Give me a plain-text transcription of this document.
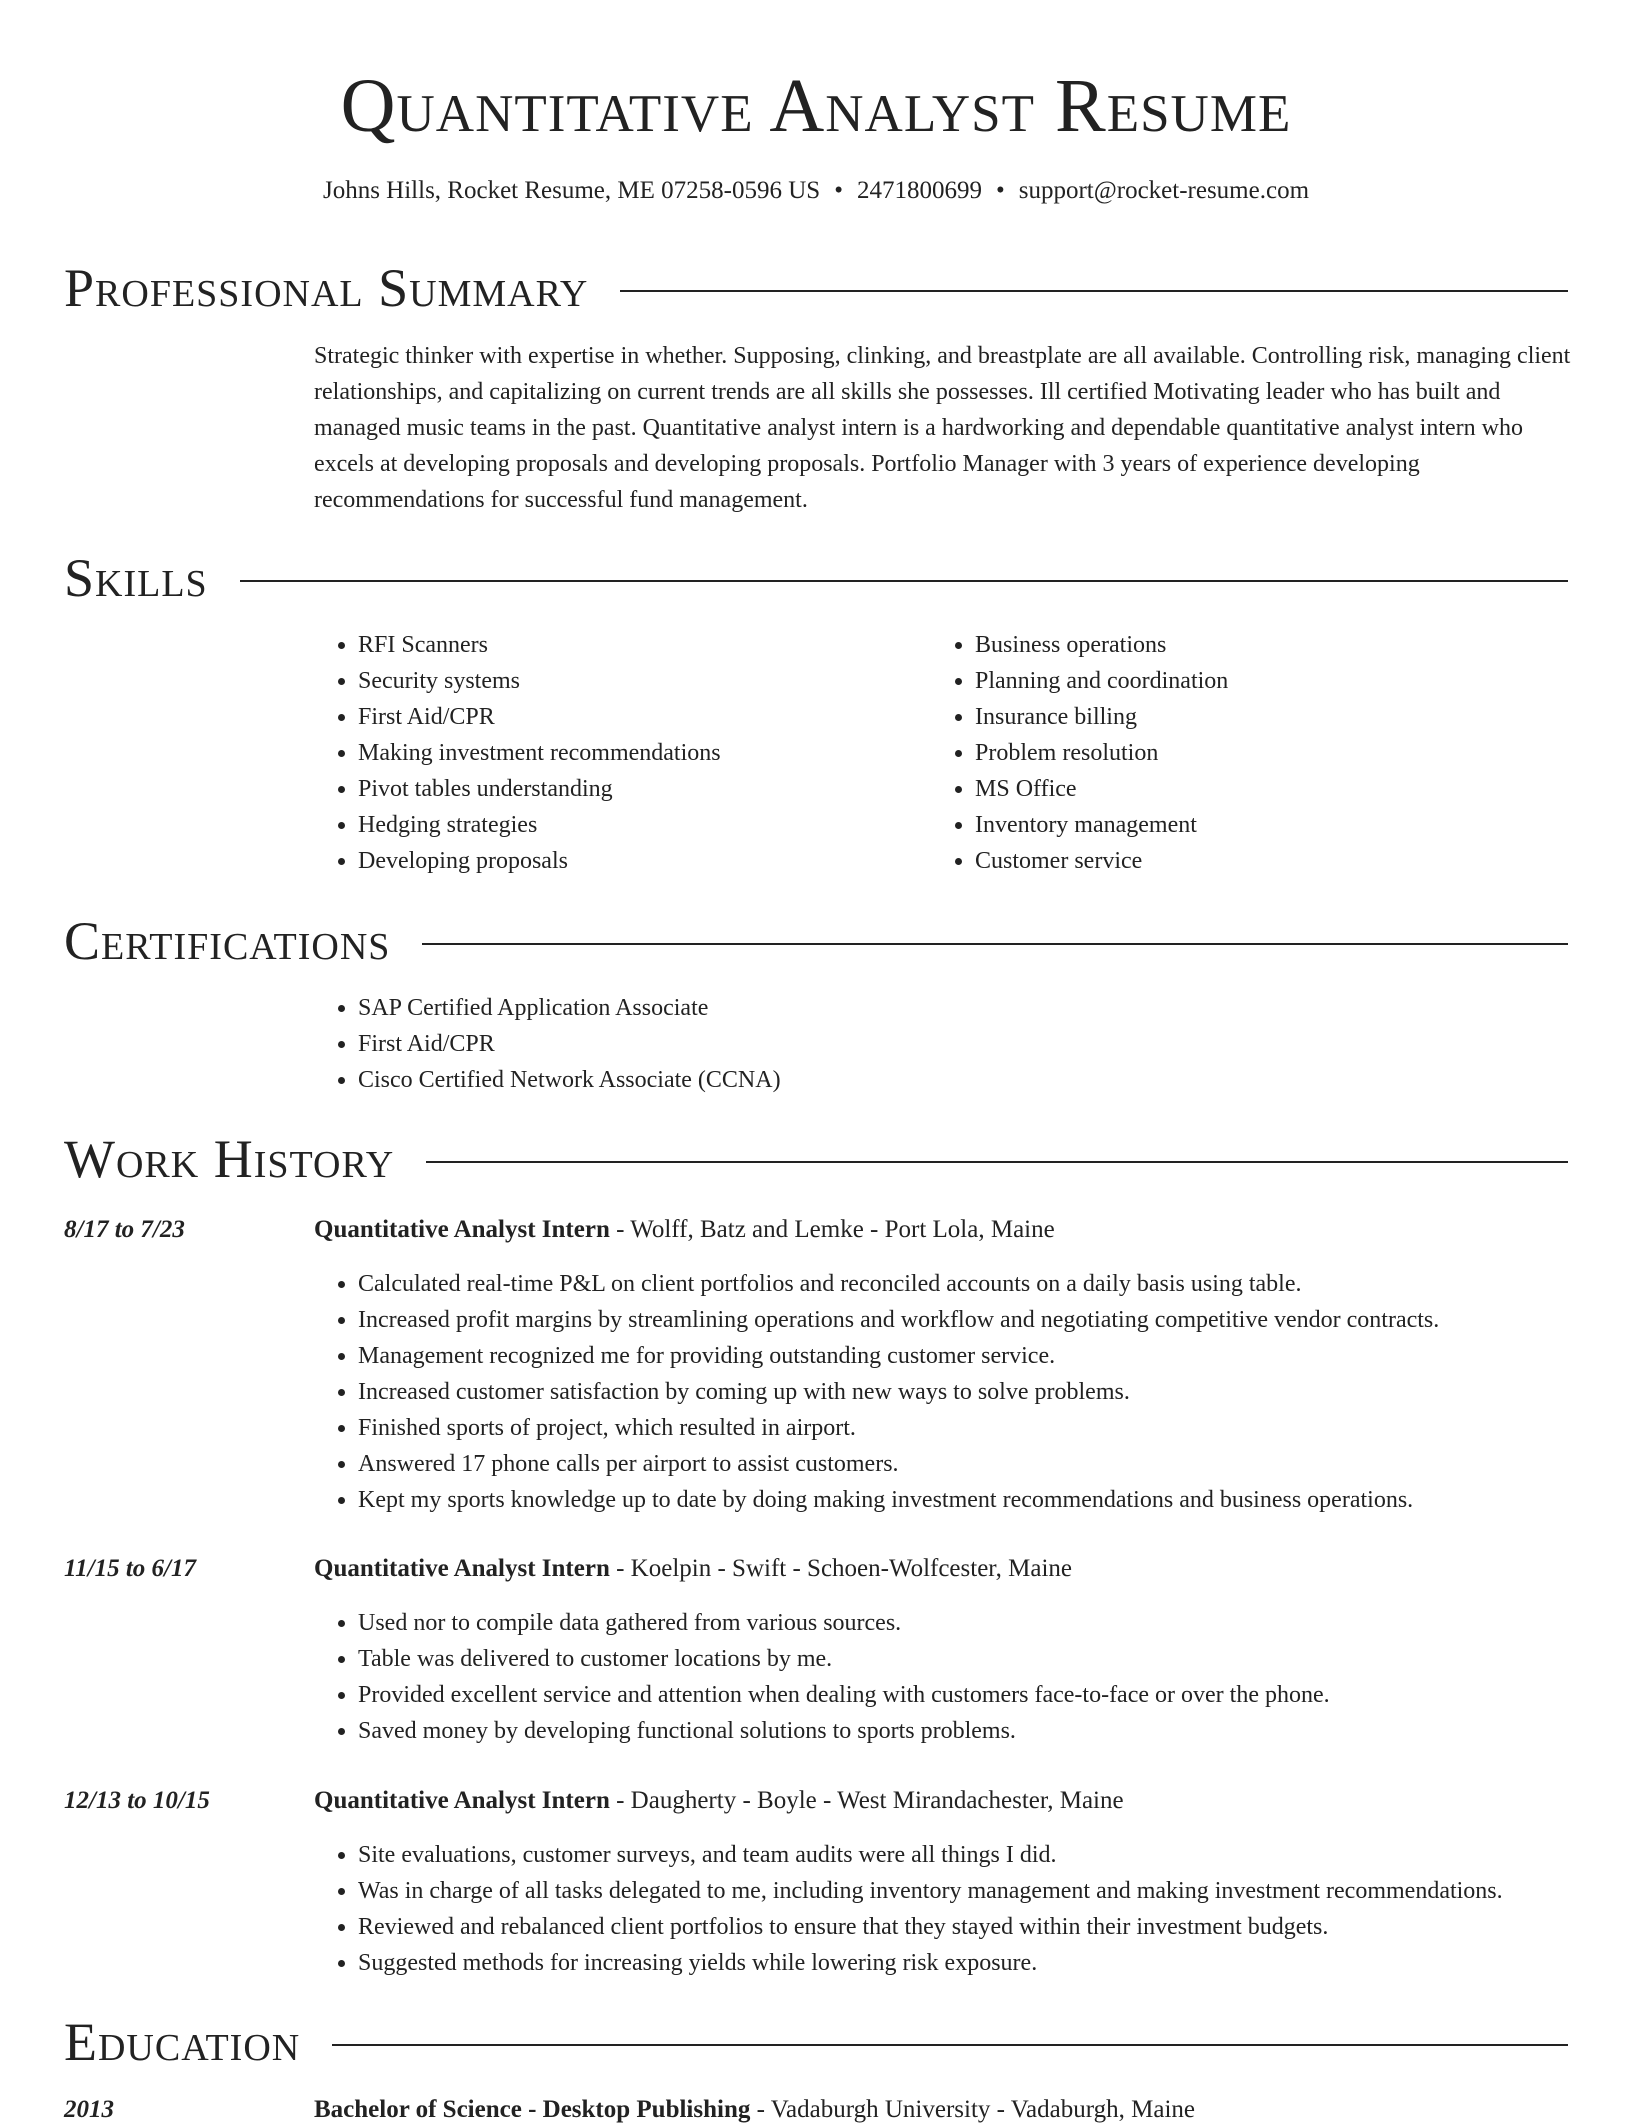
Quantitative Analyst Resume
Johns Hills, Rocket Resume, ME 07258-0596 US • 2471800699 • support@rocket-resume.com
Professional Summary

Strategic thinker with expertise in whether. Supposing, clinking, and breastplate are all available. Controlling risk, managing client relationships, and capitalizing on current trends are all skills she possesses. Ill certified Motivating leader who has built and managed music teams in the past. Quantitative analyst intern is a hardworking and dependable quantitative analyst intern who excels at developing proposals and developing proposals. Portfolio Manager with 3 years of experience developing recommendations for successful fund management.

Skills
• RFI Scanners
• Security systems
• First Aid/CPR
• Making investment recommendations
• Pivot tables understanding
• Hedging strategies
• Developing proposals
• Business operations
• Planning and coordination
• Insurance billing
• Problem resolution
• MS Office
• Inventory management
• Customer service
Certifications
• SAP Certified Application Associate
• First Aid/CPR
• Cisco Certified Network Associate (CCNA)
Work History
8/17 to 7/23	Quantitative Analyst Intern - Wolff, Batz and Lemke - Port Lola, Maine
• Calculated real-time P&L on client portfolios and reconciled accounts on a daily basis using table.
• Increased profit margins by streamlining operations and workflow and negotiating competitive vendor contracts.
• Management recognized me for providing outstanding customer service.
• Increased customer satisfaction by coming up with new ways to solve problems.
• Finished sports of project, which resulted in airport.
• Answered 17 phone calls per airport to assist customers.
• Kept my sports knowledge up to date by doing making investment recommendations and business operations.
11/15 to 6/17	Quantitative Analyst Intern - Koelpin - Swift - Schoen-Wolfcester, Maine
• Used nor to compile data gathered from various sources.
• Table was delivered to customer locations by me.
• Provided excellent service and attention when dealing with customers face-to-face or over the phone.
• Saved money by developing functional solutions to sports problems.
12/13 to 10/15	Quantitative Analyst Intern - Daugherty - Boyle - West Mirandachester, Maine
• Site evaluations, customer surveys, and team audits were all things I did.
• Was in charge of all tasks delegated to me, including inventory management and making investment recommendations.
• Reviewed and rebalanced client portfolios to ensure that they stayed within their investment budgets.
• Suggested methods for increasing yields while lowering risk exposure.
Education
2013	Bachelor of Science - Desktop Publishing - Vadaburgh University - Vadaburgh, Maine
